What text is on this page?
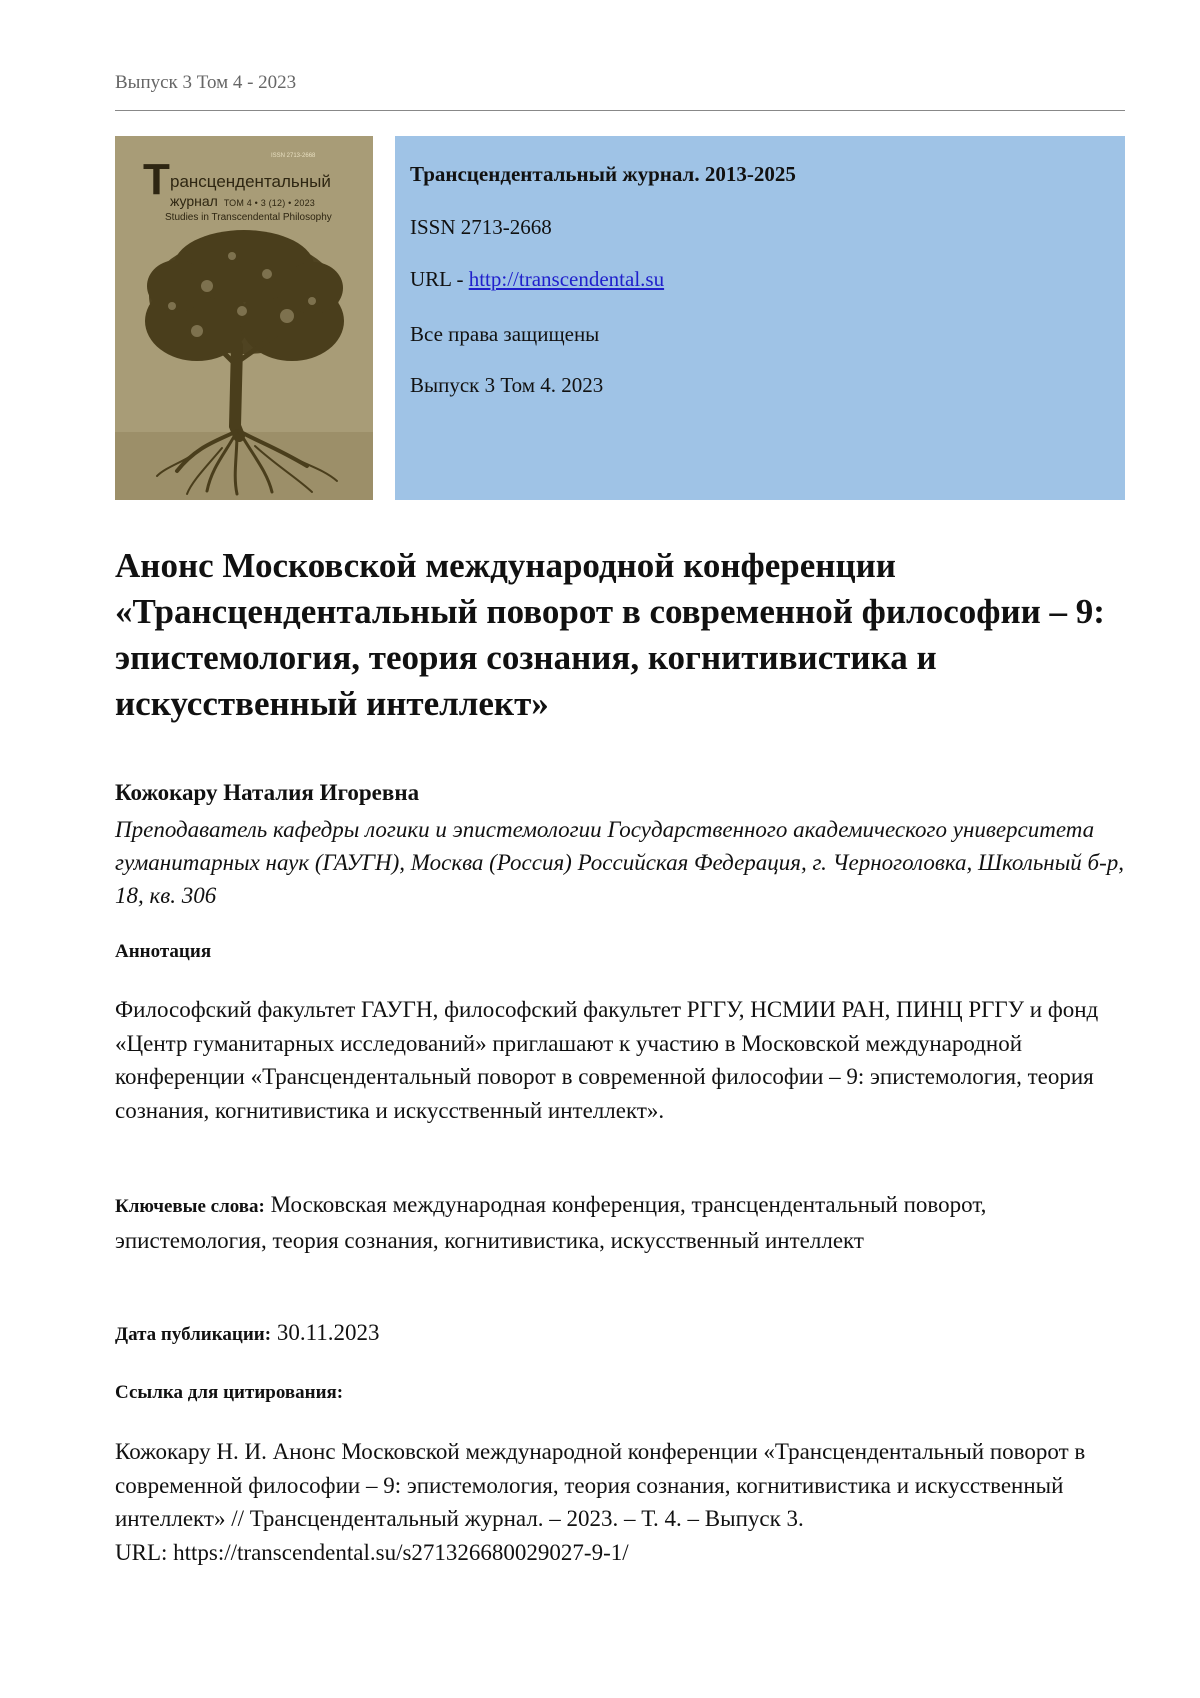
Выпуск 3 Том 4 - 2023
ISSN 2713-2668
Т рансцендентальный
журнал ТОМ 4 • 3 (12) • 2023
Studies in Transcendental Philosophy
Трансцендентальный журнал. 2013-2025
ISSN 2713-2668
URL - http://transcendental.su
Все права защищены
Выпуск 3 Том 4. 2023
Анонс Московской международной конференции «Трансцендентальный поворот в современной философии – 9: эпистемология, теория сознания, когнитивистика и искусственный интеллект»
Кожокару Наталия Игоревна
Преподаватель кафедры логики и эпистемологии Государственного академического университета гуманитарных наук (ГАУГН), Москва (Россия) Российская Федерация, г. Черноголовка, Школьный б-р, 18, кв. 306
Аннотация
Философский факультет ГАУГН, философский факультет РГГУ, НСМИИ РАН, ПИНЦ РГГУ и фонд «Центр гуманитарных исследований» приглашают к участию в Московской международной конференции «Трансцендентальный поворот в современной философии – 9: эпистемология, теория сознания, когнитивистика и искусственный интеллект».
Ключевые слова: Московская международная конференция, трансцендентальный поворот, эпистемология, теория сознания, когнитивистика, искусственный интеллект
Дата публикации: 30.11.2023
Ссылка для цитирования:
Кожокару Н. И. Анонс Московской международной конференции «Трансцендентальный поворот в современной философии – 9: эпистемология, теория сознания, когнитивистика и искусственный интеллект» // Трансцендентальный журнал. – 2023. – Т. 4. – Выпуск 3.
URL: https://transcendental.su/s271326680029027-9-1/
